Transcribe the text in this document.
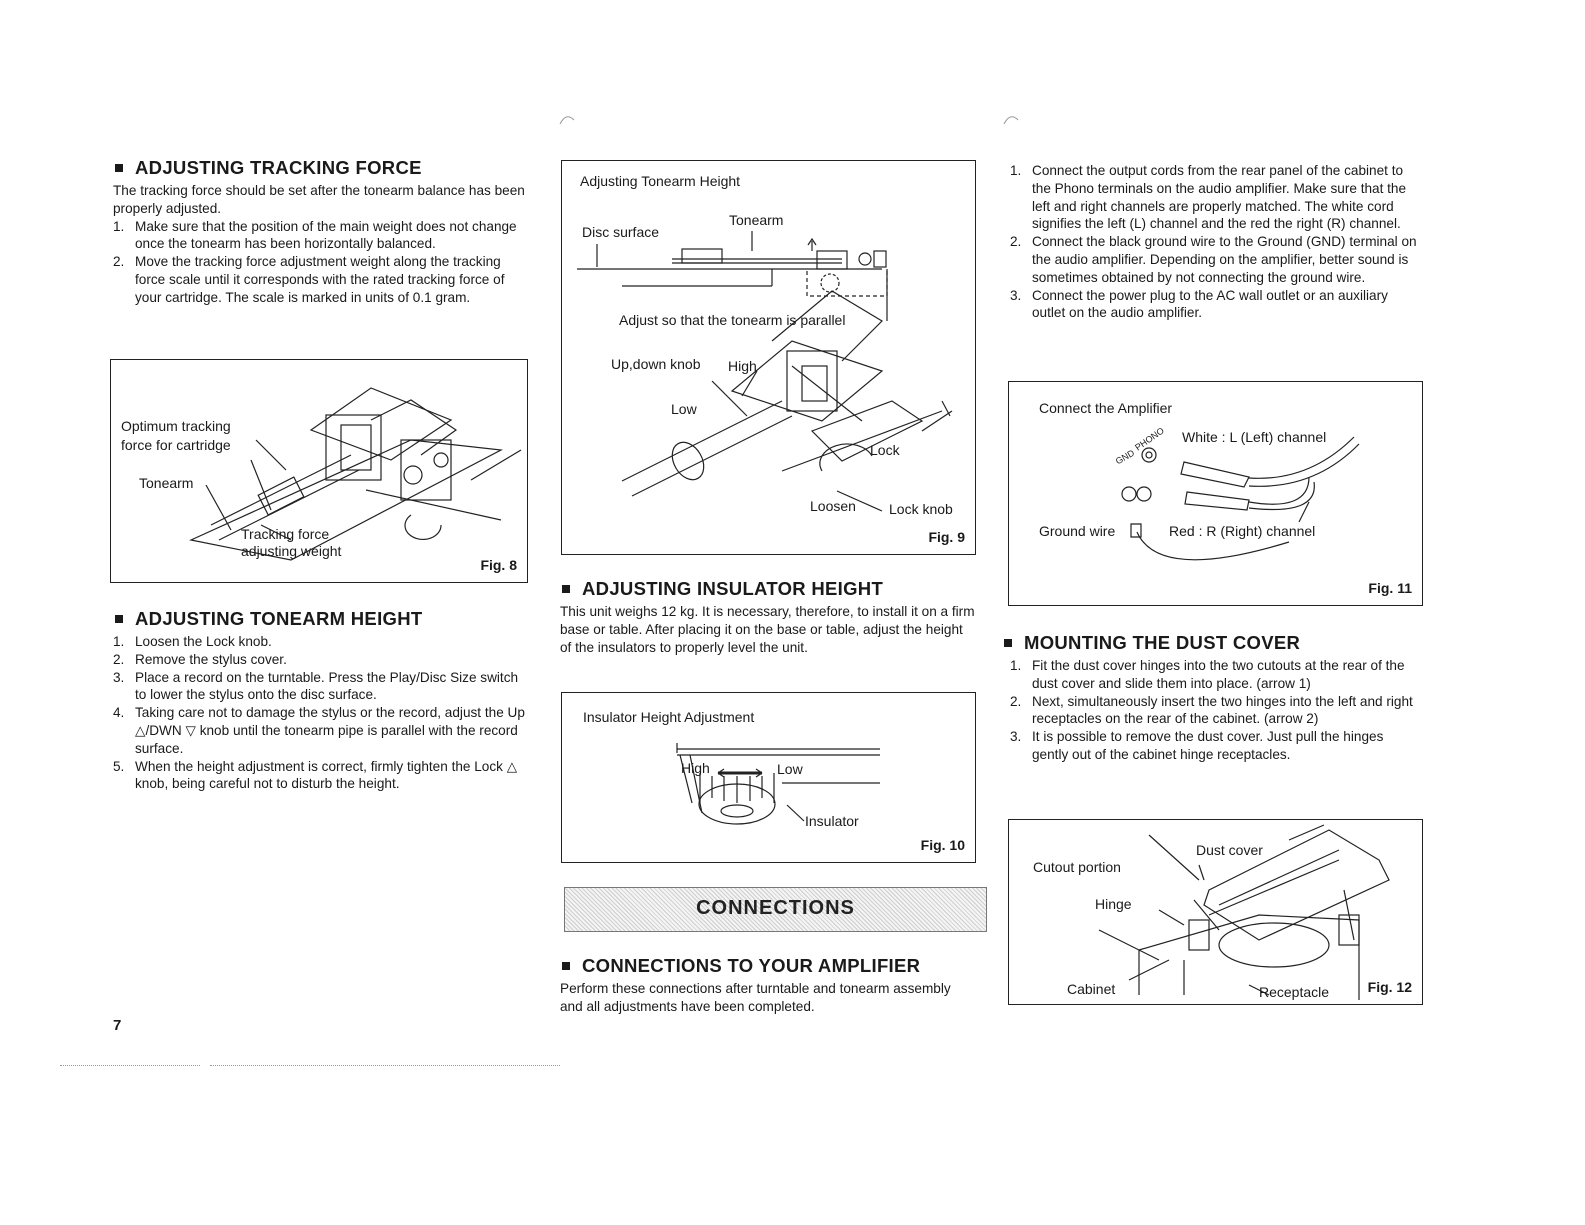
ADJUSTING TRACKING FORCE

The tracking force should be set after the tonearm balance has been properly adjusted.

1. Make sure that the position of the main weight does not change once the tonearm has been horizontally balanced.
2. Move the tracking force adjustment weight along the tracking force scale until it corresponds with the rated tracking force of your cartridge. The scale is marked in units of 0.1 gram.
Optimum tracking
force for cartridge
Tonearm
Tracking force
adjusting weight
Fig. 8
ADJUSTING TONEARM HEIGHT
1. Loosen the Lock knob.
2. Remove the stylus cover.
3. Place a record on the turntable. Press the Play/Disc Size switch to lower the stylus onto the disc surface.
4. Taking care not to damage the stylus or the record, adjust the Up △/DWN ▽ knob until the tonearm pipe is parallel with the record surface.
5. When the height adjustment is correct, firmly tighten the Lock △ knob, being careful not to disturb the height.
Adjusting Tonearm Height
Disc surface
Tonearm
Adjust so that the tonearm is parallel
Up,down knob High
Low
Lock
Loosen Lock knob
Fig. 9
ADJUSTING INSULATOR HEIGHT

This unit weighs 12 kg. It is necessary, therefore, to install it on a firm base or table. After placing it on the base or table, adjust the height of the insulators to properly level the unit.

Insulator Height Adjustment
High	Low
Insulator
Fig. 10
CONNECTIONS
CONNECTIONS TO YOUR AMPLIFIER

Perform these connections after turntable and tonearm assembly and all adjustments have been completed.

1. Connect the output cords from the rear panel of the cabinet to the Phono terminals on the audio amplifier. Make sure that the left and right channels are properly matched. The white cord signifies the left (L) channel and the red the right (R) channel.
2. Connect the black ground wire to the Ground (GND) terminal on the audio amplifier. Depending on the amplifier, better sound is sometimes obtained by not connecting the ground wire.
3. Connect the power plug to the AC wall outlet or an auxiliary outlet on the audio amplifier.
Connect the Amplifier
PHONO
GND
White : L (Left) channel
Ground wire	Red : R (Right) channel
Fig. 11
MOUNTING THE DUST COVER
1. Fit the dust cover hinges into the two cutouts at the rear of the dust cover and slide them into place. (arrow 1)
2. Next, simultaneously insert the two hinges into the left and right receptacles on the rear of the cabinet. (arrow 2)
3. It is possible to remove the dust cover. Just pull the hinges gently out of the cabinet hinge receptacles.
Cutout portion
Dust cover
Hinge
Cabinet	Receptacle	Fig. 12
7
